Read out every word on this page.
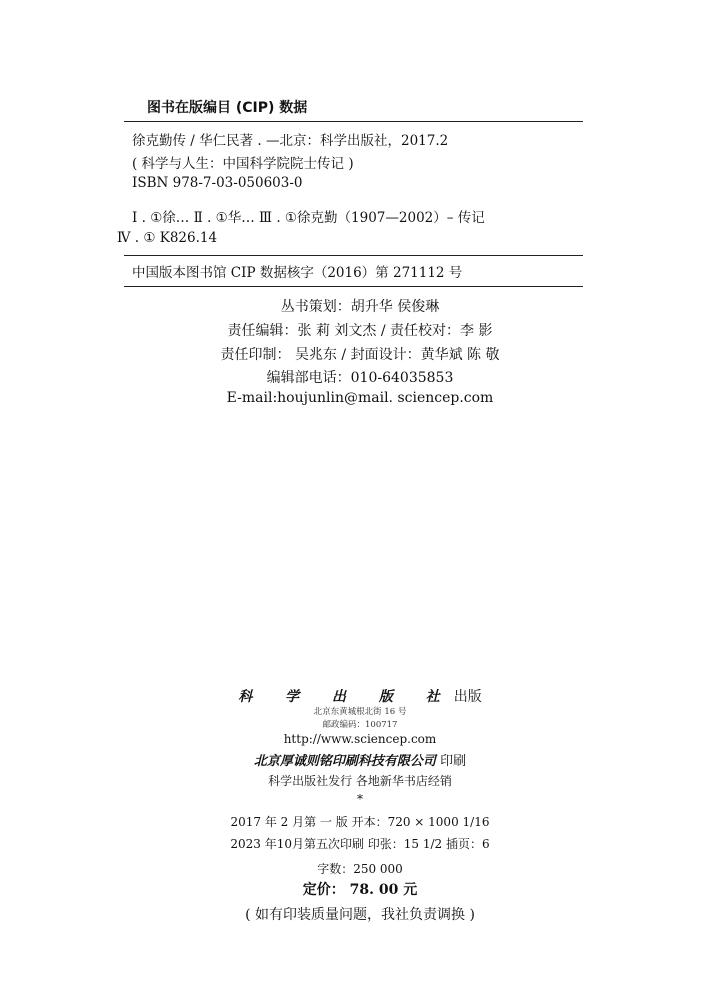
图书在版编目 (CIP) 数据
徐克勤传 / 华仁民著 . —北京：科学出版社，2017.2
( 科学与人生：中国科学院院士传记 )
ISBN 978-7-03-050603-0
Ⅰ . ①徐… Ⅱ . ①华… Ⅲ . ①徐克勤（1907—2002）– 传记
Ⅳ . ① K826.14
中国版本图书馆 CIP 数据核字（2016）第 271112 号
丛书策划：胡升华 侯俊琳
责任编辑：张 莉 刘文杰 / 责任校对：李 影
责任印制： 吴兆东 / 封面设计：黄华斌 陈 敬
编辑部电话：010-64035853
E-mail:houjunlin@mail. sciencep.com
科 学 出 版 社出版
北京东黄城根北街 16 号
邮政编码：100717
http://www.sciencep.com
北京厚诚则铭印刷科技有限公司 印刷
科学出版社发行 各地新华书店经销
*
2017 年 2 月第 一 版 开本：720 × 1000 1/16
2023 年10月第五次印刷 印张：15 1/2 插页：6
字数：250 000
定价： 78. 00 元
( 如有印装质量问题，我社负责调换 )
